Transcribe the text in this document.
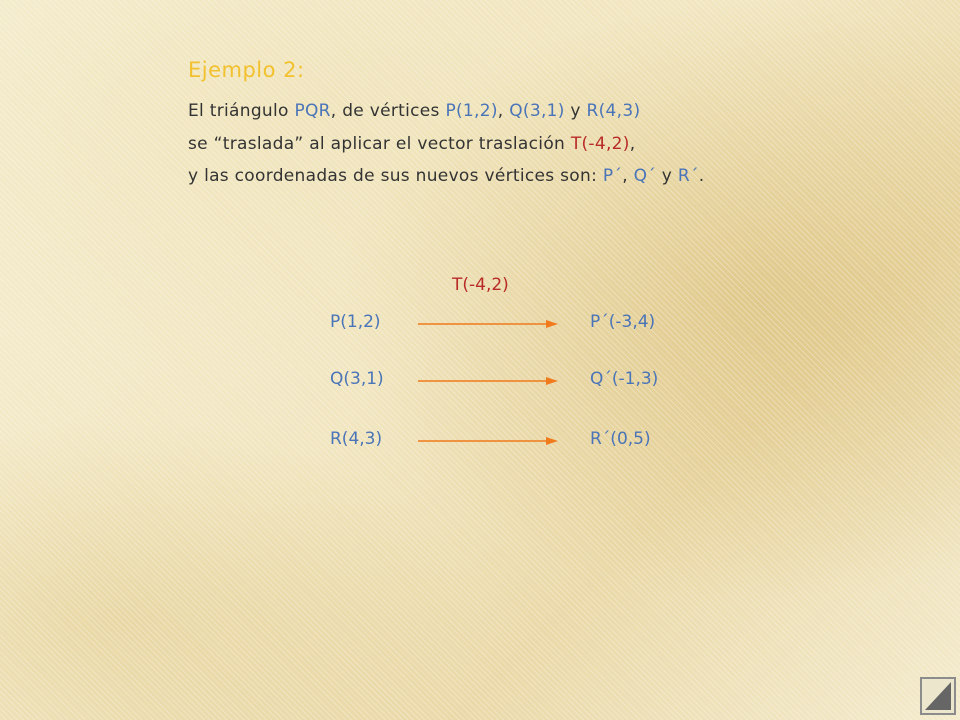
Ejemplo 2:
El triángulo PQR, de vértices P(1,2), Q(3,1) y R(4,3)
se “traslada” al aplicar el vector traslación T(-4,2),
y las coordenadas de sus nuevos vértices son: P´, Q´ y R´.
T(-4,2)
P(1,2)	P´(-3,4)
Q(3,1)	Q´(-1,3)
R(4,3)	R´(0,5)
